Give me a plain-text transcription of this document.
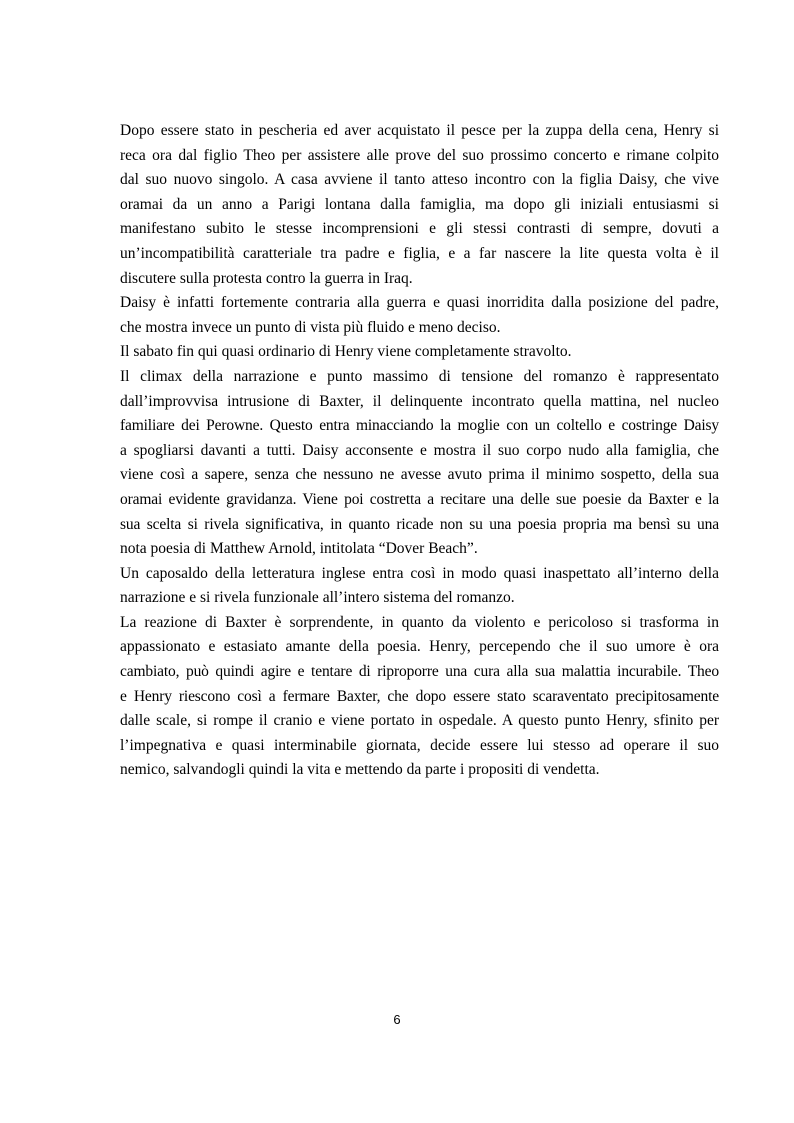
Dopo essere stato in pescheria ed aver acquistato il pesce per la zuppa della cena, Henry si
reca ora dal figlio Theo per assistere alle prove del suo prossimo concerto e rimane colpito
dal suo nuovo singolo. A casa avviene il tanto atteso incontro con la figlia Daisy, che vive
oramai da un anno a Parigi lontana dalla famiglia, ma dopo gli iniziali entusiasmi si
manifestano subito le stesse incomprensioni e gli stessi contrasti di sempre, dovuti a
un’incompatibilità caratteriale tra padre e figlia, e a far nascere la lite questa volta è il
discutere sulla protesta contro la guerra in Iraq.
Daisy è infatti fortemente contraria alla guerra e quasi inorridita dalla posizione del padre,
che mostra invece un punto di vista più fluido e meno deciso.
Il sabato fin qui quasi ordinario di Henry viene completamente stravolto.
Il climax della narrazione e punto massimo di tensione del romanzo è rappresentato
dall’improvvisa intrusione di Baxter, il delinquente incontrato quella mattina, nel nucleo
familiare dei Perowne. Questo entra minacciando la moglie con un coltello e costringe Daisy
a spogliarsi davanti a tutti. Daisy acconsente e mostra il suo corpo nudo alla famiglia, che
viene così a sapere, senza che nessuno ne avesse avuto prima il minimo sospetto, della sua
oramai evidente gravidanza. Viene poi costretta a recitare una delle sue poesie da Baxter e la
sua scelta si rivela significativa, in quanto ricade non su una poesia propria ma bensì su una
nota poesia di Matthew Arnold, intitolata “Dover Beach”.
Un caposaldo della letteratura inglese entra così in modo quasi inaspettato all’interno della
narrazione e si rivela funzionale all’intero sistema del romanzo.
La reazione di Baxter è sorprendente, in quanto da violento e pericoloso si trasforma in
appassionato e estasiato amante della poesia. Henry, percependo che il suo umore è ora
cambiato, può quindi agire e tentare di riproporre una cura alla sua malattia incurabile. Theo
e Henry riescono così a fermare Baxter, che dopo essere stato scaraventato precipitosamente
dalle scale, si rompe il cranio e viene portato in ospedale. A questo punto Henry, sfinito per
l’impegnativa e quasi interminabile giornata, decide essere lui stesso ad operare il suo
nemico, salvandogli quindi la vita e mettendo da parte i propositi di vendetta.
6
